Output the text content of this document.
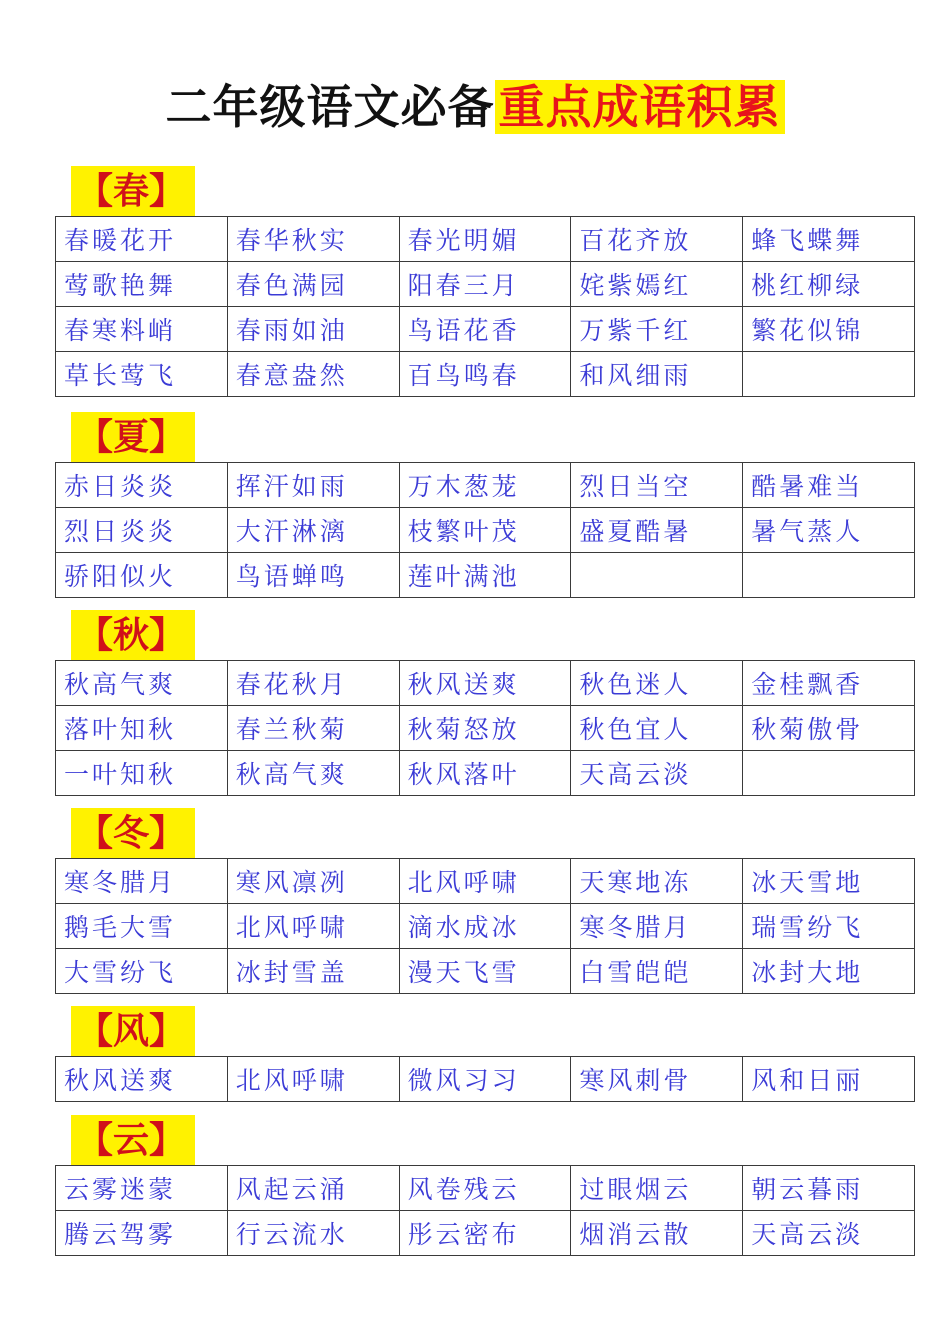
二年级语文必备重点成语积累
【春】
春暖花开	春华秋实	春光明媚	百花齐放	蜂飞蝶舞
莺歌艳舞	春色满园	阳春三月	姹紫嫣红	桃红柳绿
春寒料峭	春雨如油	鸟语花香	万紫千红	繁花似锦
草长莺飞	春意盎然	百鸟鸣春	和风细雨	
【夏】
赤日炎炎	挥汗如雨	万木葱茏	烈日当空	酷暑难当
烈日炎炎	大汗淋漓	枝繁叶茂	盛夏酷暑	暑气蒸人
骄阳似火	鸟语蝉鸣	莲叶满池		
【秋】
秋高气爽	春花秋月	秋风送爽	秋色迷人	金桂飘香
落叶知秋	春兰秋菊	秋菊怒放	秋色宜人	秋菊傲骨
一叶知秋	秋高气爽	秋风落叶	天高云淡	
【冬】
寒冬腊月	寒风凛冽	北风呼啸	天寒地冻	冰天雪地
鹅毛大雪	北风呼啸	滴水成冰	寒冬腊月	瑞雪纷飞
大雪纷飞	冰封雪盖	漫天飞雪	白雪皑皑	冰封大地
【风】
秋风送爽	北风呼啸	微风习习	寒风刺骨	风和日丽
【云】
云雾迷蒙	风起云涌	风卷残云	过眼烟云	朝云暮雨
腾云驾雾	行云流水	彤云密布	烟消云散	天高云淡
